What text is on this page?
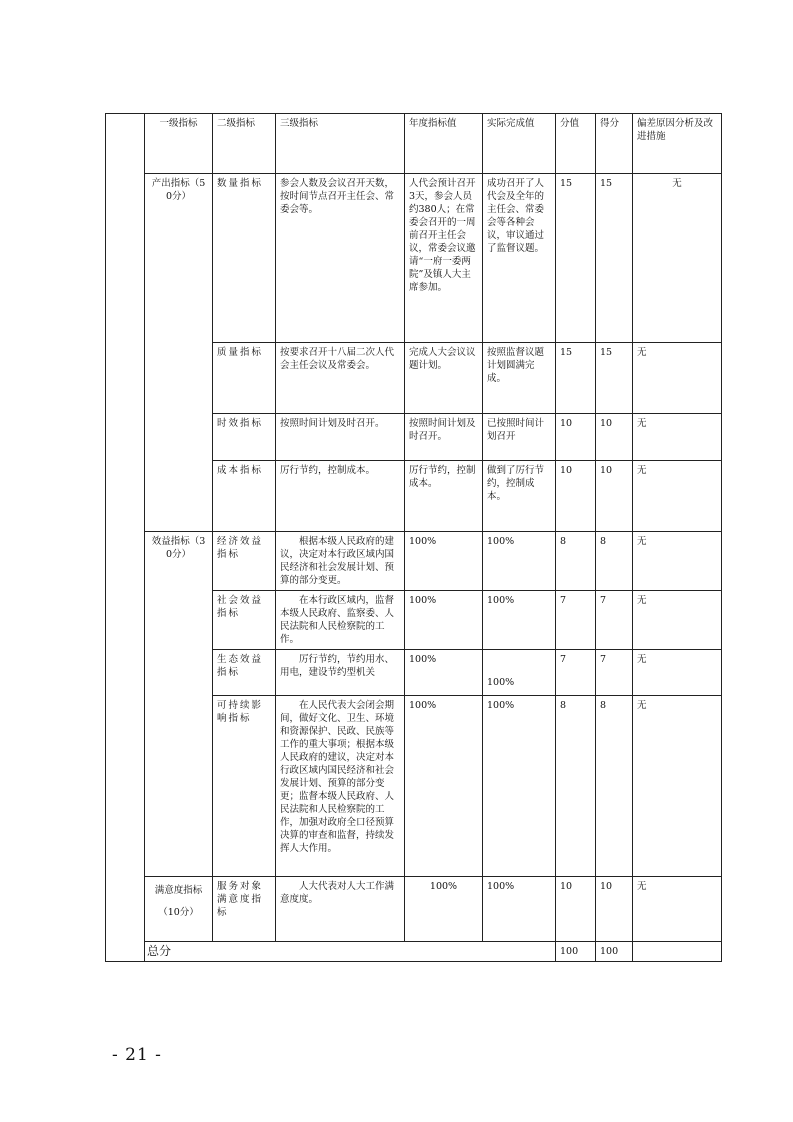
	一级指标	二级指标	三级指标	年度指标值	实际完成值	分值	得分	偏差原因分析及改进措施
	产出指标（50分）	数量指标	参会人数及会议召开天数，按时间节点召开主任会、常委会等。	人代会预计召开3天，参会人员约380人；在常委会召开的一周前召开主任会议，常委会议邀请“一府一委两院”及镇人大主席参加。	成功召开了人代会及全年的主任会、常委会等各种会议，审议通过了监督议题。	15	15	无
		质量指标	按要求召开十八届二次人代会主任会议及常委会。	完成人大会议议题计划。	按照监督议题计划圆满完成。	15	15	无
		时效指标	按照时间计划及时召开。	按照时间计划及时召开。	已按照时间计划召开	10	10	无
		成本指标	厉行节约，控制成本。	厉行节约，控制成本。	做到了厉行节约，控制成本。	10	10	无
	效益指标（30分）	经济效益指标	根据本级人民政府的建议，决定对本行政区域内国民经济和社会发展计划、预算的部分变更。	100%	100%	8	8	无
		社会效益指标	在本行政区域内，监督本级人民政府、监察委、人民法院和人民检察院的工作。	100%	100%	7	7	无
		生态效益指标	厉行节约，节约用水、用电，建设节约型机关	100%	100%	7	7	无
		可持续影响指标	在人民代表大会闭会期间，做好文化、卫生、环境和资源保护、民政、民族等工作的重大事项；根据本级人民政府的建议，决定对本行政区域内国民经济和社会发展计划、预算的部分变更；监督本级人民政府、人民法院和人民检察院的工作，加强对政府全口径预算决算的审查和监督，持续发挥人大作用。	100%	100%	8	8	无
	满意度指标（10分）	服务对象满意度指标	人大代表对人大工作满意度度。	100%	100%	10	10	无
	总分					100	100	
- 21 -
